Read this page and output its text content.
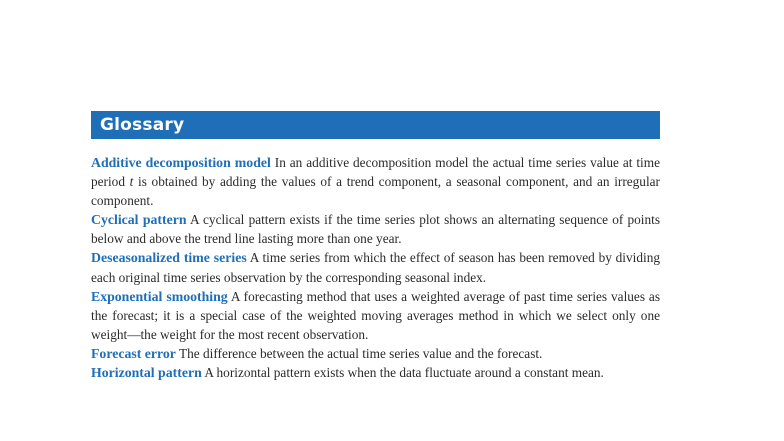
Glossary
Additive decomposition model In an additive decomposition model the actual time series value at time period t is obtained by adding the values of a trend component, a seasonal component, and an irregular component.
Cyclical pattern A cyclical pattern exists if the time series plot shows an alternating sequence of points below and above the trend line lasting more than one year.
Deseasonalized time series A time series from which the effect of season has been removed by dividing each original time series observation by the corresponding seasonal index.
Exponential smoothing A forecasting method that uses a weighted average of past time series values as the forecast; it is a special case of the weighted moving averages method in which we select only one weight—the weight for the most recent observation.
Forecast error The difference between the actual time series value and the forecast.
Horizontal pattern A horizontal pattern exists when the data fluctuate around a constant mean.
